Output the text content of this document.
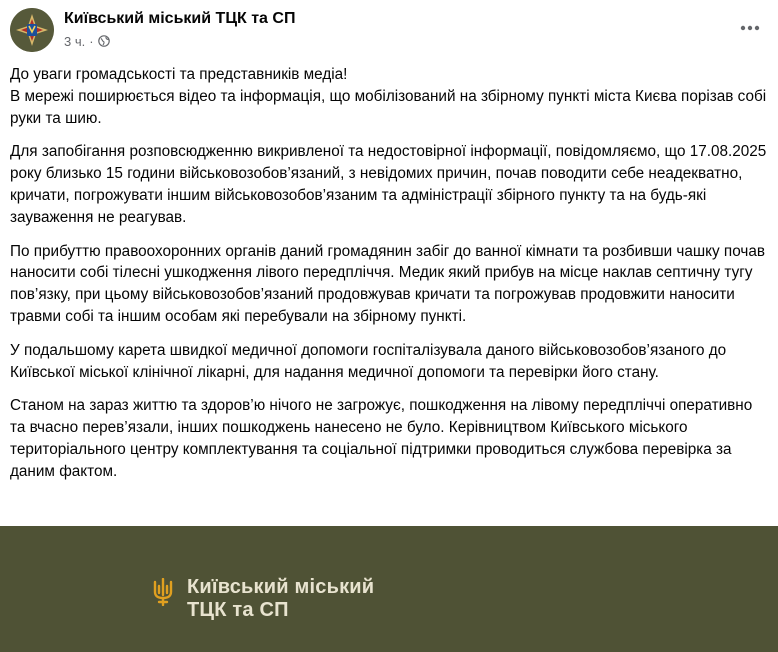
Київський міський ТЦК та СП
3 ч. ·

До уваги громадськості та представників медіа!
В мережі поширюється відео та інформація, що мобілізований на збірному пункті міста Києва порізав собі руки та шию.

Для запобігання розповсюдженню викривленої та недостовірної інформації, повідомляємо, що 17.08.2025 року близько 15 години військовозобов’язаний, з невідомих причин, почав поводити себе неадекватно, кричати, погрожувати іншим військовозобов’язаним та адміністрації збірного пункту та на будь-які зауваження не реагував.

По прибуттю правоохоронних органів даний громадянин забіг до ванної кімнати та розбивши чашку почав наносити собі тілесні ушкодження лівого передпліччя. Медик який прибув на місце наклав септичну тугу пов’язку, при цьому військовозобов’язаний продовжував кричати та погрожував продовжити наносити травми собі та іншим особам які перебували на збірному пункті.

У подальшому карета швидкої медичної допомоги госпіталізувала даного військовозобов’язаного до Київської міської клінічної лікарні, для надання медичної допомоги та перевірки його стану.

Станом на зараз життю та здоров’ю нічого не загрожує, пошкодження на лівому передпліччі оперативно та вчасно перев’язали, інших пошкоджень нанесено не було. Керівництвом Київського міського територіального центру комплектування та соціальної підтримки проводиться службова перевірка за даним фактом.

Київський міський
ТЦК та СП
